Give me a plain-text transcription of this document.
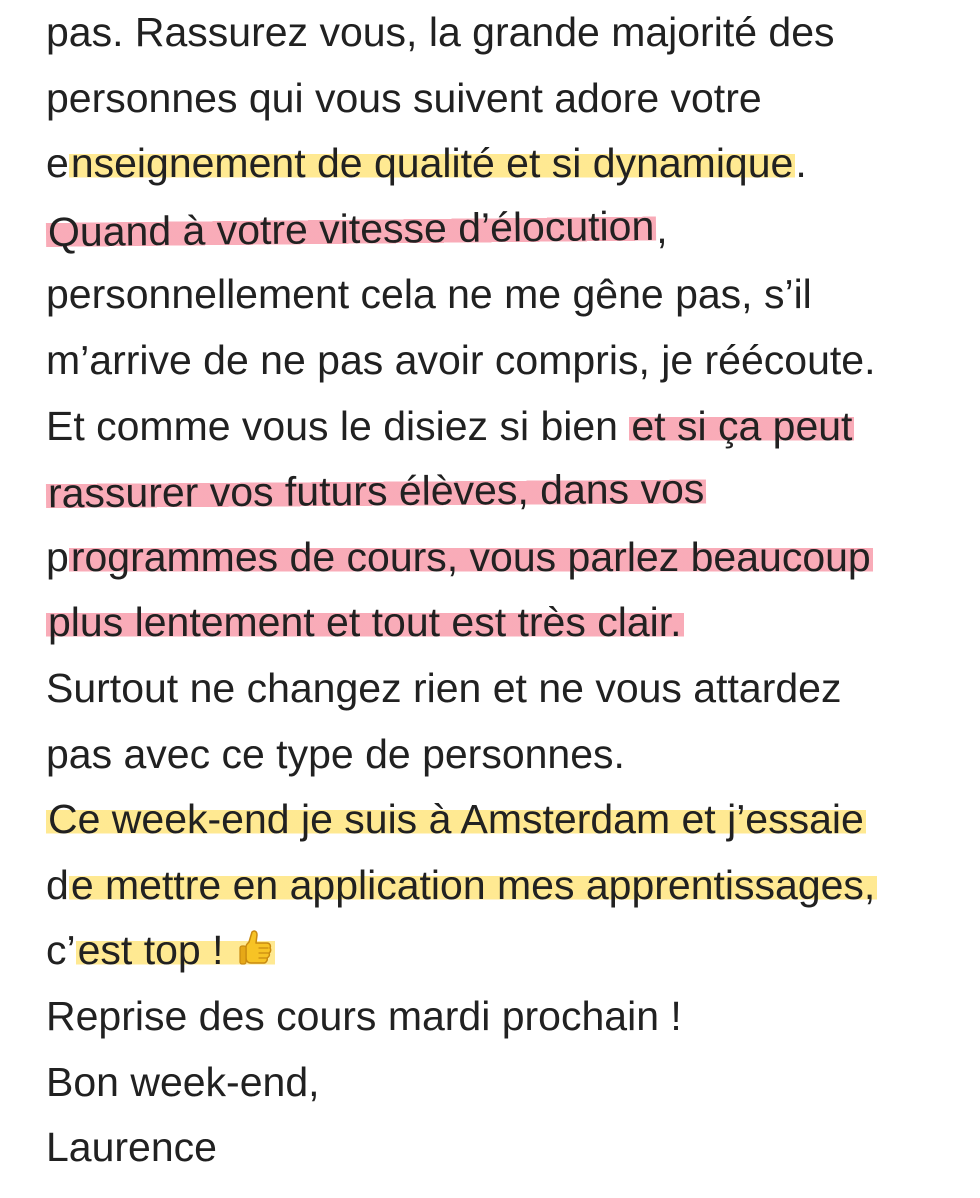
pas. Rassurez vous, la grande majorité des
personnes qui vous suivent adore votre
enseignement de qualité et si dynamique.
Quand à votre vitesse d’élocution,
personnellement cela ne me gêne pas, s’il
m’arrive de ne pas avoir compris, je réécoute.
Et comme vous le disiez si bien et si ça peut
rassurer vos futurs élèves, dans vos
programmes de cours, vous parlez beaucoup
plus lentement et tout est très clair.
Surtout ne changez rien et ne vous attardez
pas avec ce type de personnes.
Ce week-end je suis à Amsterdam et j’essaie
de mettre en application mes apprentissages,
c’est top !
Reprise des cours mardi prochain !
Bon week-end,
Laurence
